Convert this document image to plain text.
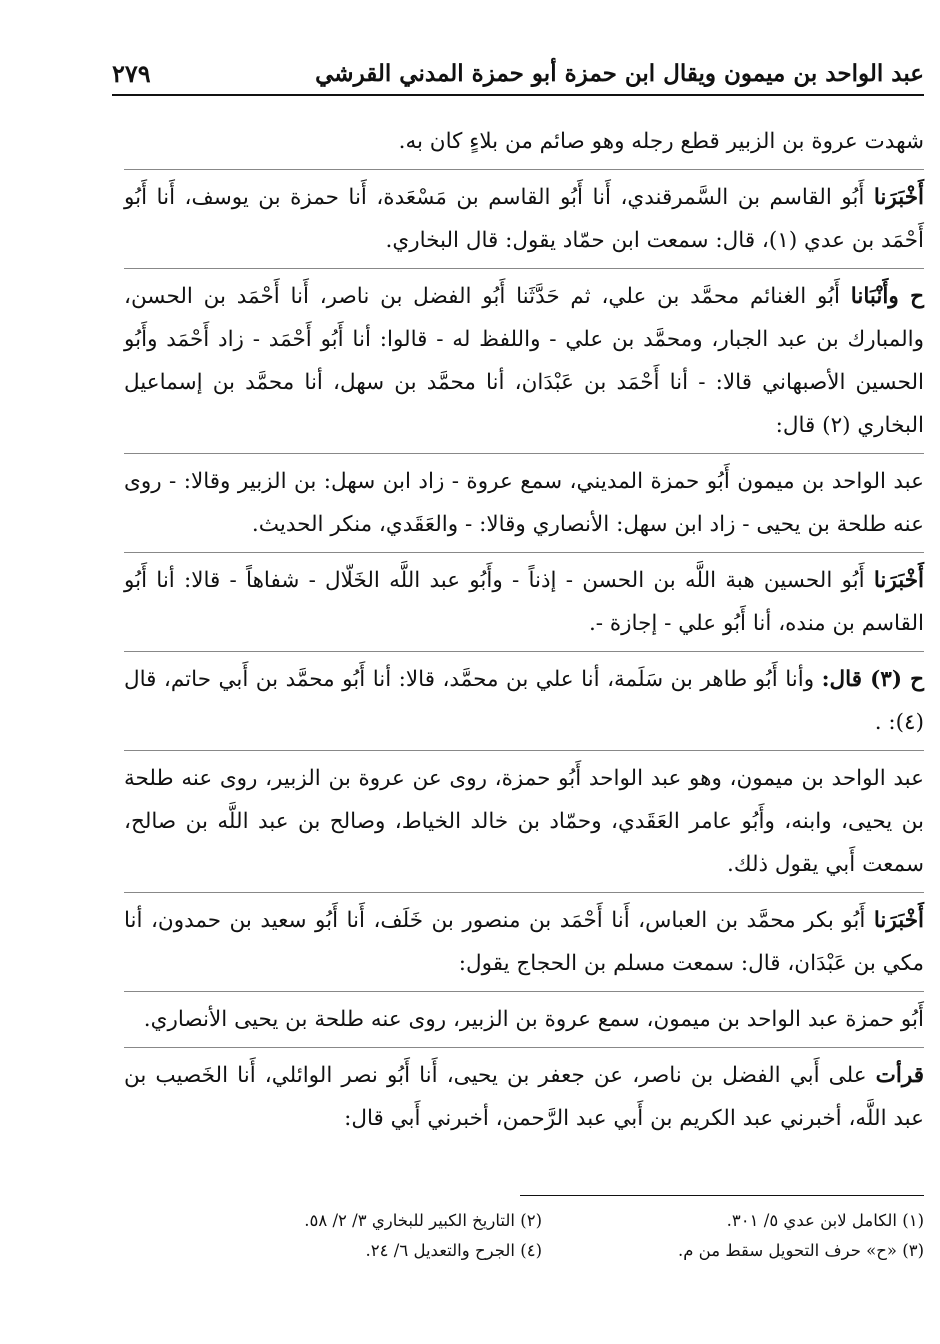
عبد الواحد بن ميمون ويقال ابن حمزة أبو حمزة المدني القرشي
٢٧٩

شهدت عروة بن الزبير قطع رجله وهو صائم من بلاءٍ كان به.

أَخْبَرَنا أَبُو القاسم بن السَّمرقندي، أَنا أَبُو القاسم بن مَسْعَدة، أَنا حمزة بن يوسف، أَنا أَبُو أَحْمَد بن عدي (١)، قال: سمعت ابن حمّاد يقول: قال البخاري.

ح وأَنْبَانا أَبُو الغنائم محمَّد بن علي، ثم حَدَّثَنا أَبُو الفضل بن ناصر، أَنا أَحْمَد بن الحسن، والمبارك بن عبد الجبار، ومحمَّد بن علي - واللفظ له - قالوا: أنا أَبُو أَحْمَد - زاد أَحْمَد وأَبُو الحسين الأصبهاني قالا: - أنا أَحْمَد بن عَبْدَان، أنا محمَّد بن سهل، أنا محمَّد بن إسماعيل البخاري (٢) قال:

عبد الواحد بن ميمون أَبُو حمزة المديني، سمع عروة - زاد ابن سهل: بن الزبير وقالا: - روى عنه طلحة بن يحيى - زاد ابن سهل: الأنصاري وقالا: - والعَقَدي، منكر الحديث.

أَخْبَرَنا أَبُو الحسين هبة اللَّه بن الحسن - إذناً - وأَبُو عبد اللَّه الخَلّال - شفاهاً - قالا: أنا أَبُو القاسم بن منده، أنا أَبُو علي - إجازة -.

ح (٣) قال: وأنا أَبُو طاهر بن سَلَمة، أنا علي بن محمَّد، قالا: أنا أَبُو محمَّد بن أَبي حاتم، قال (٤): .

عبد الواحد بن ميمون، وهو عبد الواحد أَبُو حمزة، روى عن عروة بن الزبير، روى عنه طلحة بن يحيى، وابنه، وأَبُو عامر العَقَدي، وحمّاد بن خالد الخياط، وصالح بن عبد اللَّه بن صالح، سمعت أَبي يقول ذلك.

أَخْبَرَنا أَبُو بكر محمَّد بن العباس، أَنا أَحْمَد بن منصور بن خَلَف، أَنا أَبُو سعيد بن حمدون، أنا مكي بن عَبْدَان، قال: سمعت مسلم بن الحجاج يقول:

أَبُو حمزة عبد الواحد بن ميمون، سمع عروة بن الزبير، روى عنه طلحة بن يحيى الأنصاري.

قرأت على أَبي الفضل بن ناصر، عن جعفر بن يحيى، أَنا أَبُو نصر الوائلي، أَنا الخَصيب بن عبد اللَّه، أخبرني عبد الكريم بن أَبي عبد الرَّحمن، أخبرني أَبي قال:

(١) الكامل لابن عدي ٥/ ٣٠١.
(٢) التاريخ الكبير للبخاري ٣/ ٢/ ٥٨.
(٣) «ح» حرف التحويل سقط من م.
(٤) الجرح والتعديل ٦/ ٢٤.
